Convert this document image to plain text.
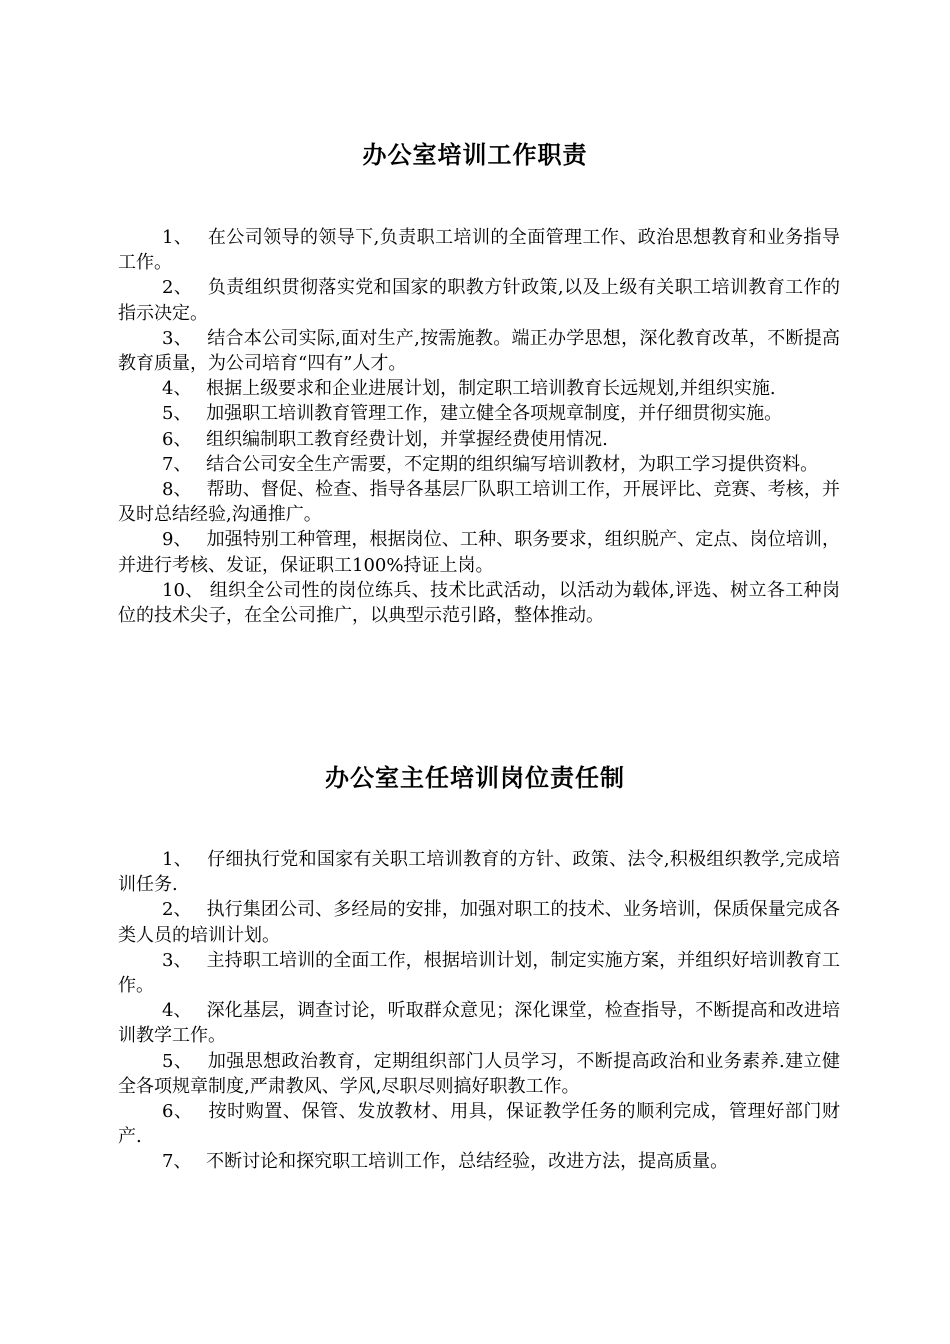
办公室培训工作职责
1、　 在公司领导的领导下,负责职工培训的全面管理工作、政治思想教育和业务指导工作。
2、　 负责组织贯彻落实党和国家的职教方针政策,以及上级有关职工培训教育工作的指示决定。
3、　 结合本公司实际,面对生产,按需施教。端正办学思想，深化教育改革，不断提高教育质量，为公司培育“四有”人才。
4、　 根据上级要求和企业进展计划，制定职工培训教育长远规划,并组织实施.
5、　 加强职工培训教育管理工作，建立健全各项规章制度，并仔细贯彻实施。
6、　 组织编制职工教育经费计划，并掌握经费使用情况.
7、　 结合公司安全生产需要，不定期的组织编写培训教材，为职工学习提供资料。
8、　 帮助、督促、检查、指导各基层厂队职工培训工作，开展评比、竞赛、考核，并及时总结经验,沟通推广。
9、　 加强特别工种管理，根据岗位、工种、职务要求，组织脱产、定点、岗位培训，并进行考核、发证，保证职工100%持证上岗。
10、 组织全公司性的岗位练兵、技术比武活动，以活动为载体,评选、树立各工种岗位的技术尖子，在全公司推广，以典型示范引路，整体推动。
办公室主任培训岗位责任制
1、　 仔细执行党和国家有关职工培训教育的方针、政策、法令,积极组织教学,完成培训任务.
2、　 执行集团公司、多经局的安排，加强对职工的技术、业务培训，保质保量完成各类人员的培训计划。
3、　 主持职工培训的全面工作，根据培训计划，制定实施方案，并组织好培训教育工作。
4、　 深化基层，调查讨论，听取群众意见；深化课堂，检查指导，不断提高和改进培训教学工作。
5、　 加强思想政治教育，定期组织部门人员学习，不断提高政治和业务素养.建立健全各项规章制度,严肃教风、学风,尽职尽则搞好职教工作。
6、　 按时购置、保管、发放教材、用具，保证教学任务的顺利完成，管理好部门财产.
7、　 不断讨论和探究职工培训工作，总结经验，改进方法，提高质量。
